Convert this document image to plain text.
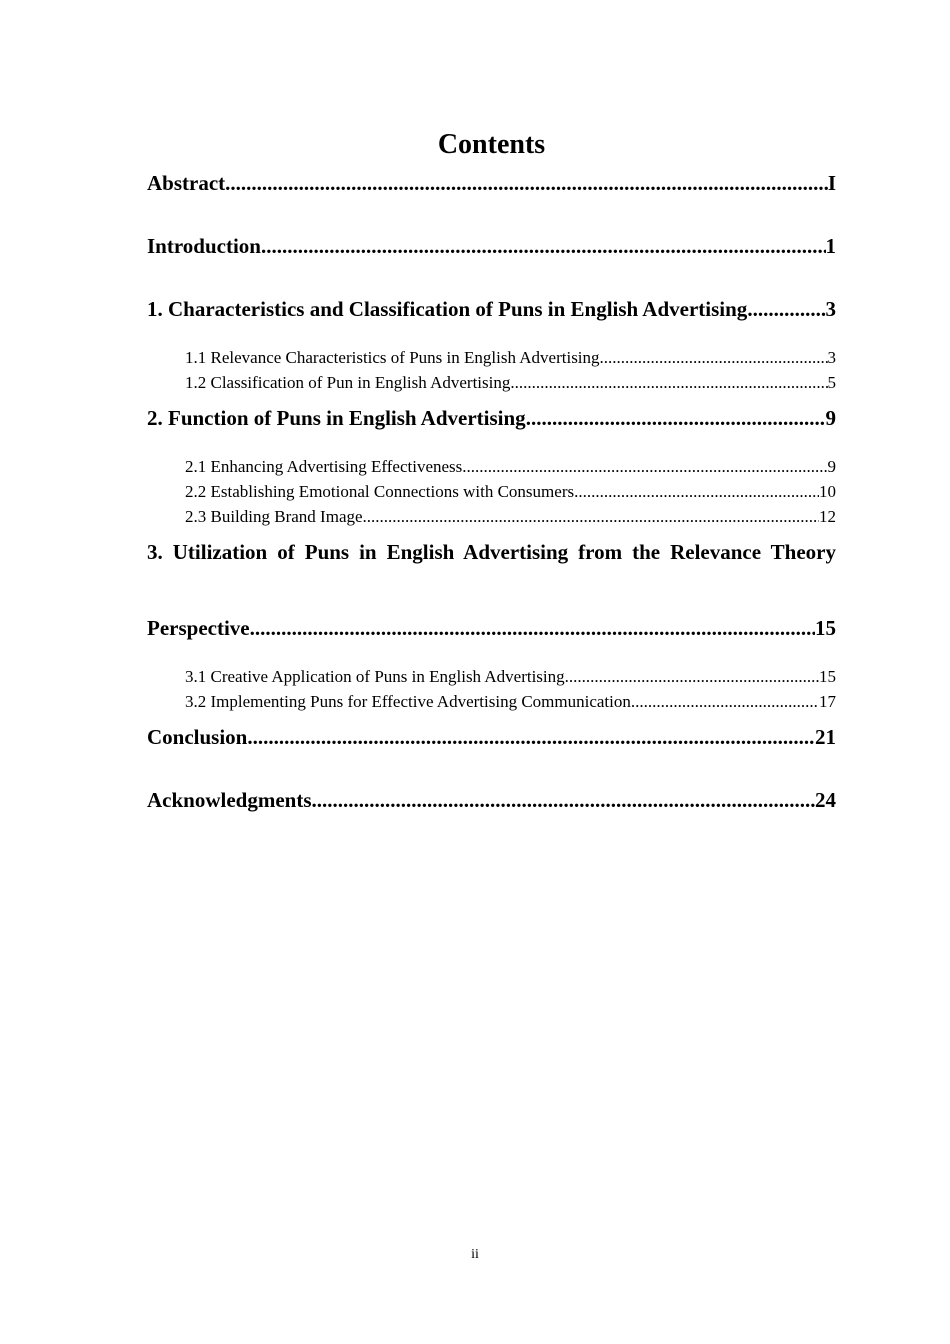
Contents
Abstract .....	I
Introduction .....	1
1. Characteristics and Classification of Puns in English Advertising .....	3
1.1 Relevance Characteristics of Puns in English Advertising .....	3
1.2 Classification of Pun in English Advertising .....	5
2. Function of Puns in English Advertising .....	9
2.1 Enhancing Advertising Effectiveness .....	9
2.2 Establishing Emotional Connections with Consumers .....	10
2.3 Building Brand Image .....	12
3. Utilization of Puns in English Advertising from the Relevance Theory
Perspective .....	15
3.1 Creative Application of Puns in English Advertising .....	15
3.2 Implementing Puns for Effective Advertising Communication .....	17
Conclusion .....	21
Acknowledgments .....	24
ii
